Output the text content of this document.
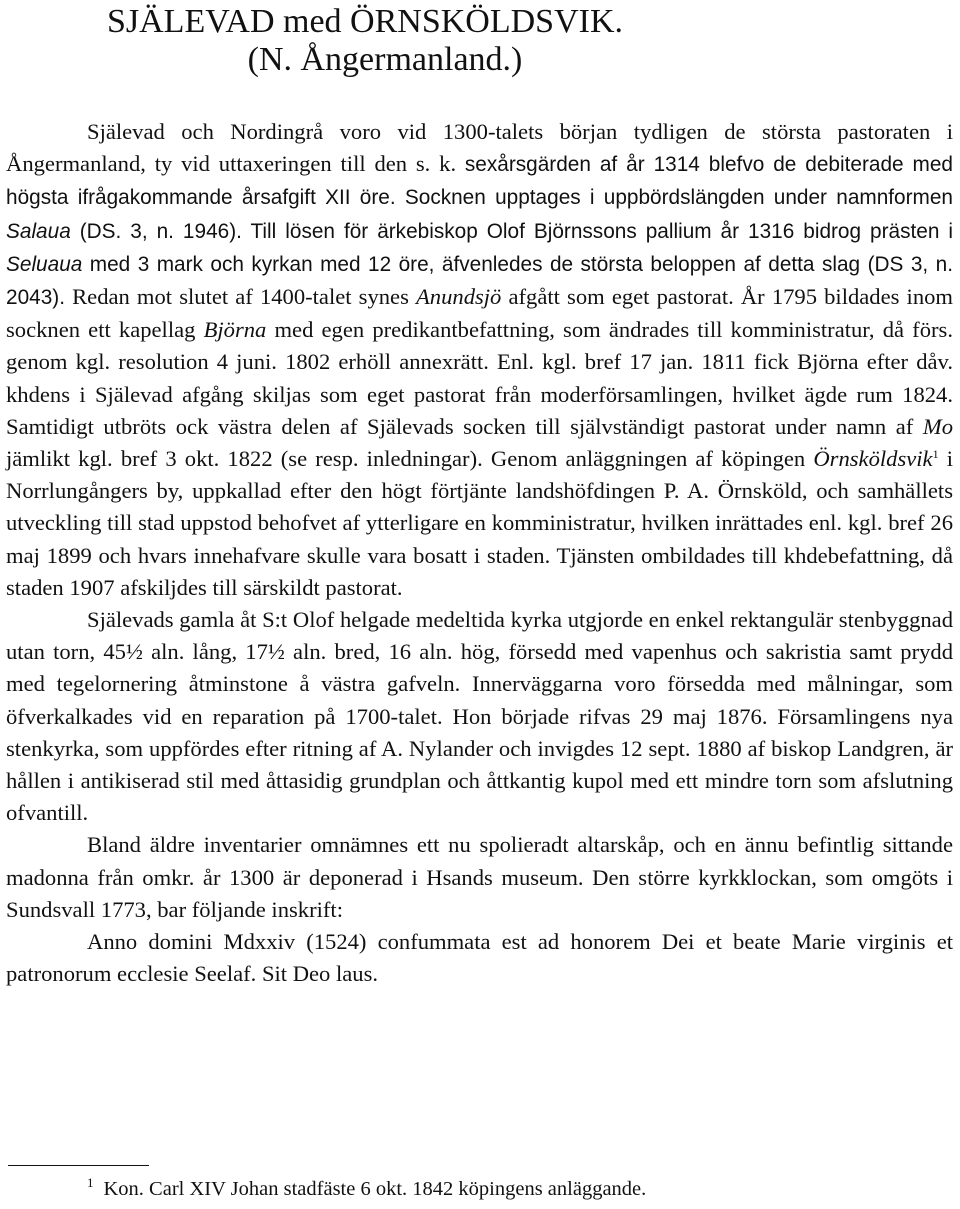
SJÄLEVAD med ÖRNSKÖLDSVIK.
(N. Ångermanland.)

Själevad och Nordingrå voro vid 1300-talets början tydligen de största pastoraten i Ångermanland, ty vid uttaxeringen till den s. k. sexårsgärden af år 1314 blefvo de debiterade med högsta ifrågakommande årsafgift XII öre. Socknen upptages i uppbördslängden under namnformen Salaua (DS. 3, n. 1946). Till lösen för ärkebiskop Olof Björnssons pallium år 1316 bidrog prästen i Seluaua med 3 mark och kyrkan med 12 öre, äfvenledes de största beloppen af detta slag (DS 3, n. 2043). Redan mot slutet af 1400-talet synes Anundsjö afgått som eget pastorat. År 1795 bildades inom socknen ett kapellag Björna med egen predikantbefattning, som ändrades till komministratur, då förs. genom kgl. resolution 4 juni. 1802 erhöll annexrätt. Enl. kgl. bref 17 jan. 1811 fick Björna efter dåv. khdens i Själevad afgång skiljas som eget pastorat från moderförsamlingen, hvilket ägde rum 1824. Samtidigt utbröts ock västra delen af Själevads socken till självständigt pastorat under namn af Mo jämlikt kgl. bref 3 okt. 1822 (se resp. inledningar). Genom anläggningen af köpingen Örnsköldsvik$^1$ i Norrlungångers by, uppkallad efter den högt förtjänte landshöfdingen P. A. Örnsköld, och samhällets utveckling till stad uppstod behofvet af ytterligare en komministratur, hvilken inrättades enl. kgl. bref 26 maj 1899 och hvars innehafvare skulle vara bosatt i staden. Tjänsten ombildades till khdebefattning, då staden 1907 afskiljdes till särskildt pastorat.

Själevads gamla åt S:t Olof helgade medeltida kyrka utgjorde en enkel rektangulär stenbyggnad utan torn, 45½ aln. lång, 17½ aln. bred, 16 aln. hög, försedd med vapenhus och sakristia samt prydd med tegelornering åtminstone å västra gafveln. Innerväggarna voro försedda med målningar, som öfverkalkades vid en reparation på 1700-talet. Hon började rifvas 29 maj 1876. Församlingens nya stenkyrka, som uppfördes efter ritning af A. Nylander och invigdes 12 sept. 1880 af biskop Landgren, är hållen i antikiserad stil med åttasidig grundplan och åttkantig kupol med ett mindre torn som afslutning ofvantill.

Bland äldre inventarier omnämnes ett nu spolieradt altarskåp, och en ännu befintlig sittande madonna från omkr. år 1300 är deponerad i Hsands museum. Den större kyrkklockan, som omgöts i Sundsvall 1773, bar följande inskrift:

Anno domini Mdxxiv (1524) confummata est ad honorem Dei et beate Marie virginis et patronorum ecclesie Seelaf. Sit Deo laus.

$^1$ Kon. Carl XIV Johan stadfäste 6 okt. 1842 köpingens anläggande.
